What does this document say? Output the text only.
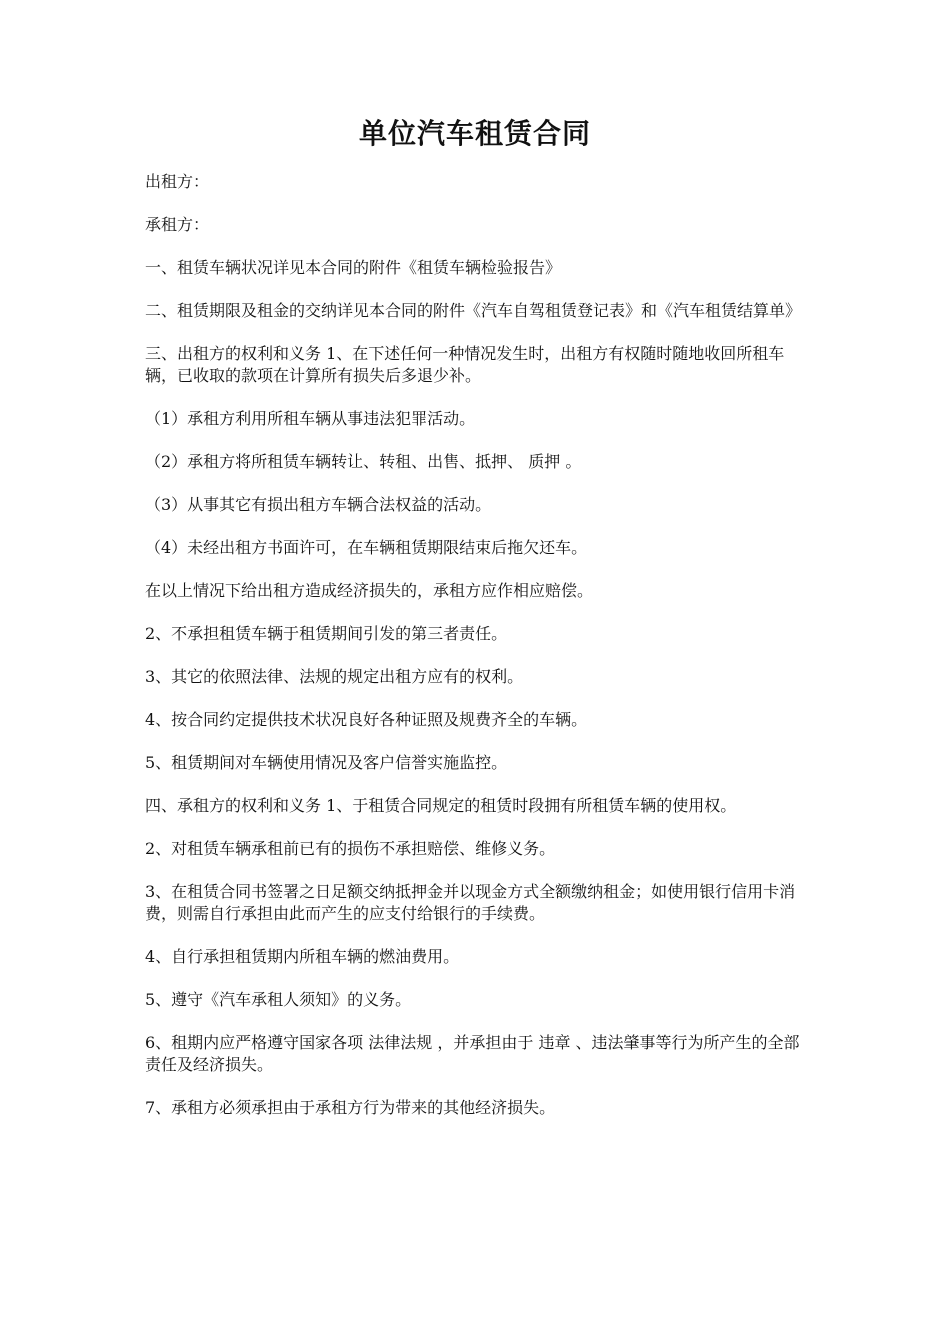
单位汽车租赁合同

出租方：

承租方：

一、租赁车辆状况详见本合同的附件《租赁车辆检验报告》

二、租赁期限及租金的交纳详见本合同的附件《汽车自驾租赁登记表》和《汽车租赁结算单》

三、出租方的权利和义务 1、在下述任何一种情况发生时，出租方有权随时随地收回所租车辆，已收取的款项在计算所有损失后多退少补。

（1）承租方利用所租车辆从事违法犯罪活动。

（2）承租方将所租赁车辆转让、转租、出售、抵押、 质押 。

（3）从事其它有损出租方车辆合法权益的活动。

（4）未经出租方书面许可，在车辆租赁期限结束后拖欠还车。

在以上情况下给出租方造成经济损失的，承租方应作相应赔偿。

2、不承担租赁车辆于租赁期间引发的第三者责任。

3、其它的依照法律、法规的规定出租方应有的权利。

4、按合同约定提供技术状况良好各种证照及规费齐全的车辆。

5、租赁期间对车辆使用情况及客户信誉实施监控。

四、承租方的权利和义务 1、于租赁合同规定的租赁时段拥有所租赁车辆的使用权。

2、对租赁车辆承租前已有的损伤不承担赔偿、维修义务。

3、在租赁合同书签署之日足额交纳抵押金并以现金方式全额缴纳租金；如使用银行信用卡消费，则需自行承担由此而产生的应支付给银行的手续费。

4、自行承担租赁期内所租车辆的燃油费用。

5、遵守《汽车承租人须知》的义务。

6、租期内应严格遵守国家各项 法律法规 ，并承担由于 违章 、违法肇事等行为所产生的全部责任及经济损失。

7、承租方必须承担由于承租方行为带来的其他经济损失。
